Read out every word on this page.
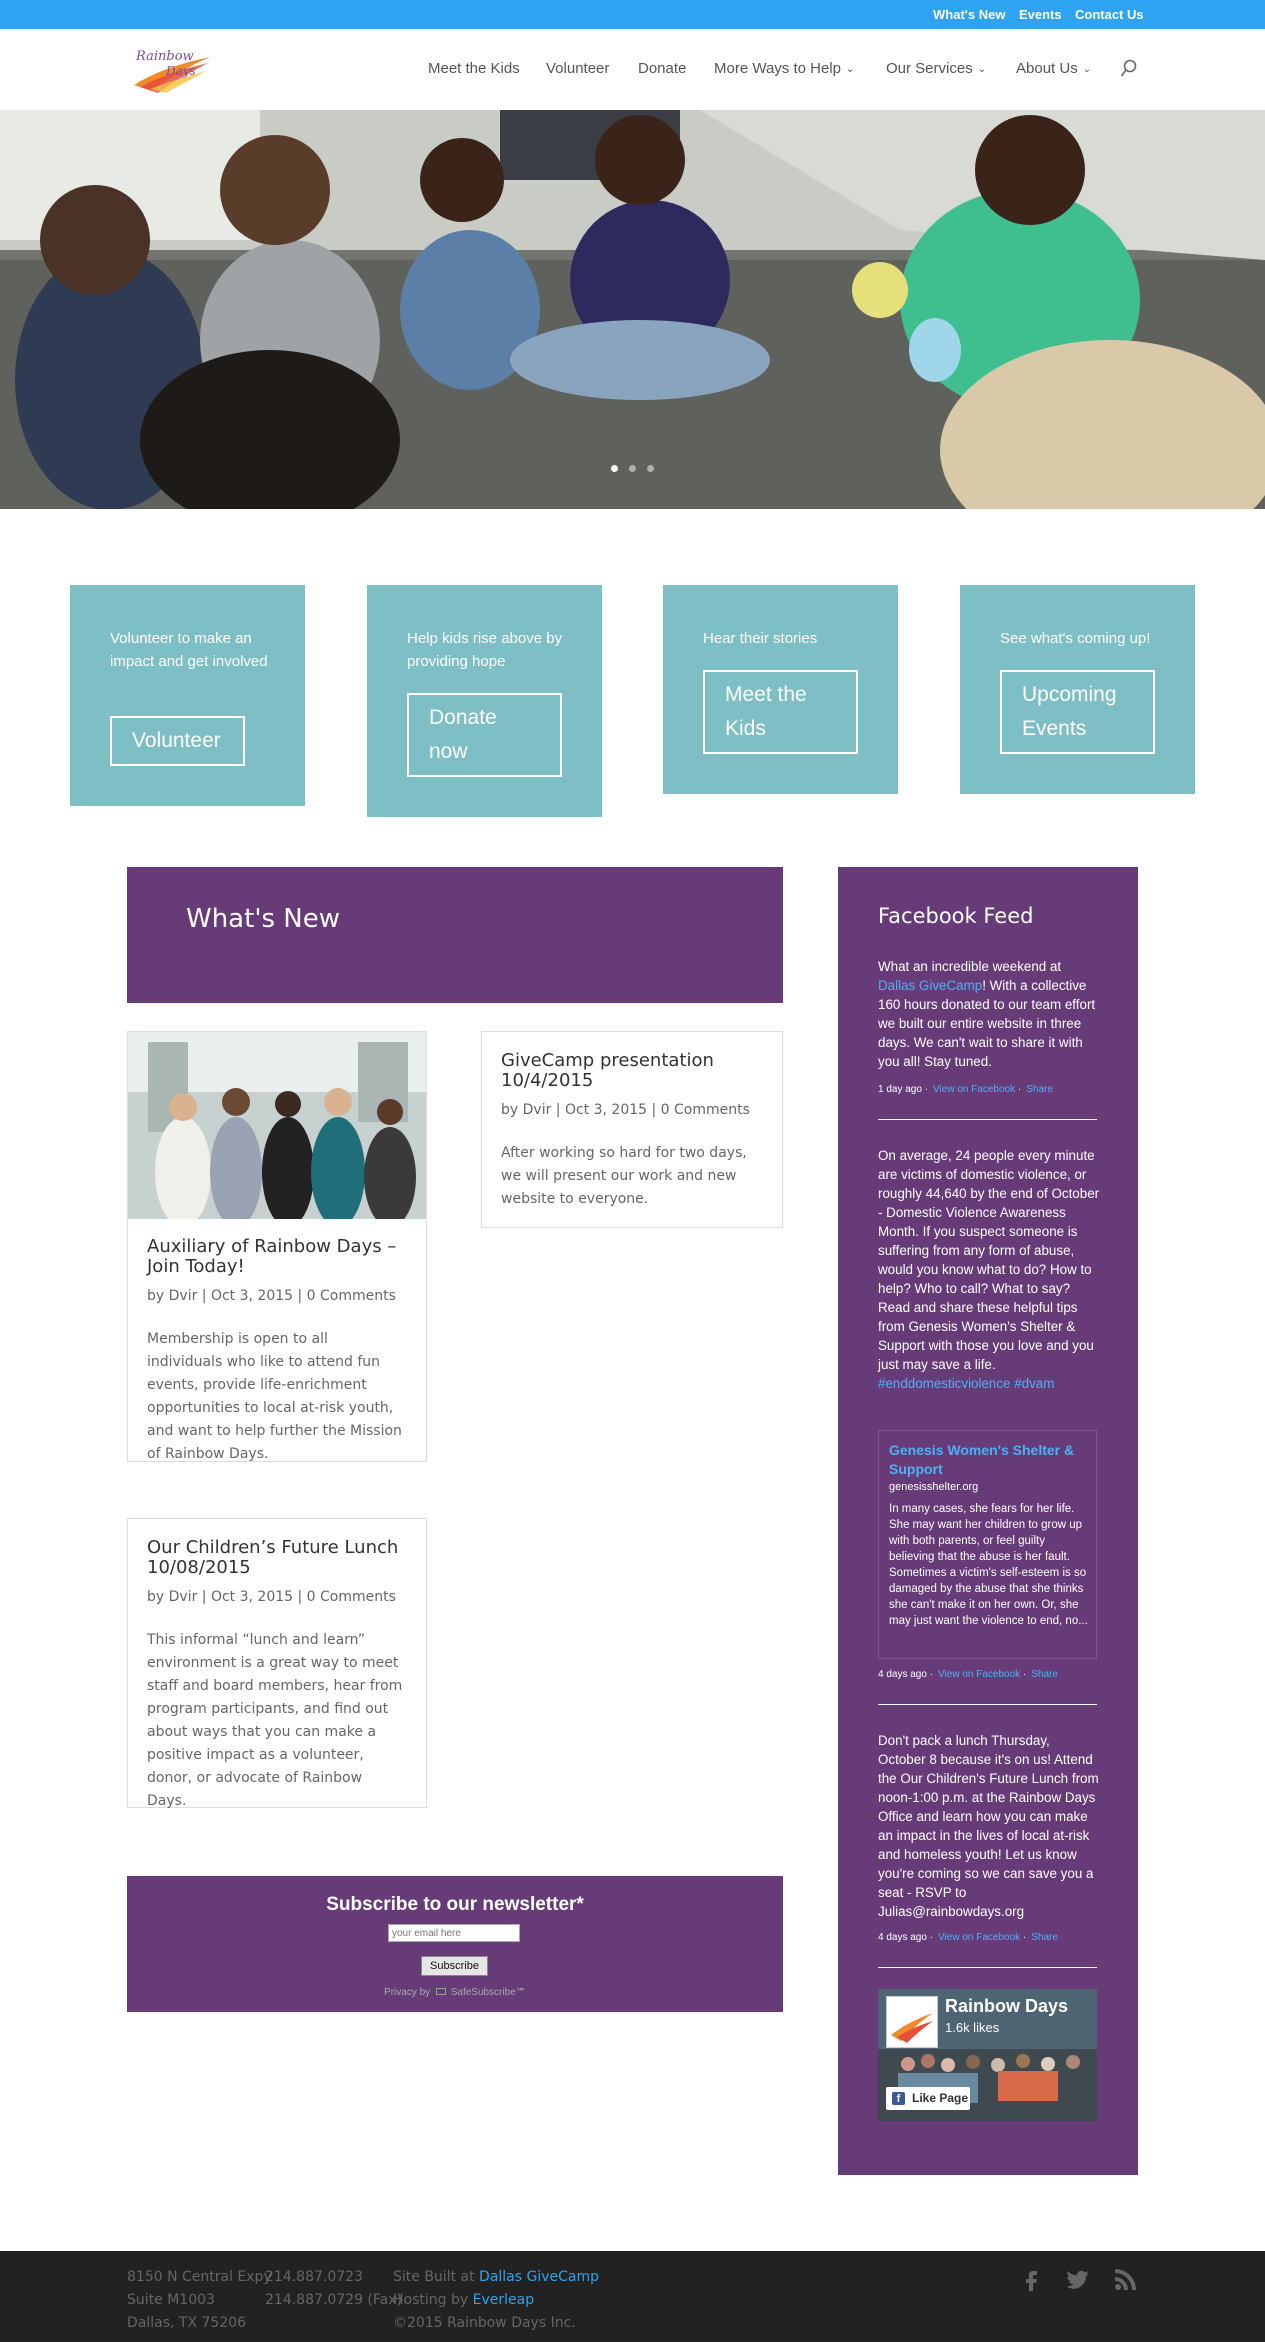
What's New Events Contact Us
Rainbow
Days	Meet the Kids Volunteer Donate More Ways to Help ⌄ Our Services ⌄ About Us ⌄
Volunteer to make an impact and get involved
Volunteer
Help kids rise above by providing hope
Donate now
Hear their stories
Meet the Kids
See what's coming up!
Upcoming Events
What's New
Auxiliary of Rainbow Days – Join Today!
by Dvir | Oct 3, 2015 | 0 Comments
Membership is open to all individuals who like to attend fun events, provide life-enrichment opportunities to local at-risk youth, and want to help further the Mission of Rainbow Days.
GiveCamp presentation 10/4/2015
by Dvir | Oct 3, 2015 | 0 Comments
After working so hard for two days, we will present our work and new website to everyone.
Our Children’s Future Lunch 10/08/2015
by Dvir | Oct 3, 2015 | 0 Comments
This informal “lunch and learn” environment is a great way to meet staff and board members, hear from program participants, and find out about ways that you can make a positive impact as a volunteer, donor, or advocate of Rainbow Days.
Subscribe to our newsletter*
your email here
Subscribe
Privacy by SafeSubscribe℠
Facebook Feed
What an incredible weekend at Dallas GiveCamp! With a collective 160 hours donated to our team effort we built our entire website in three days. We can't wait to share it with you all! Stay tuned.
1 day ago · View on Facebook · Share
On average, 24 people every minute are victims of domestic violence, or roughly 44,640 by the end of October - Domestic Violence Awareness Month. If you suspect someone is suffering from any form of abuse, would you know what to do? How to help? Who to call? What to say? Read and share these helpful tips from Genesis Women's Shelter & Support with those you love and you just may save a life. #enddomesticviolence #dvam
Genesis Women's Shelter & Support
genesisshelter.org
In many cases, she fears for her life. She may want her children to grow up with both parents, or feel guilty believing that the abuse is her fault. Sometimes a victim's self-esteem is so damaged by the abuse that she thinks she can't make it on her own. Or, she may just want the violence to end, no...
4 days ago · View on Facebook · Share
Don't pack a lunch Thursday, October 8 because it's on us! Attend the Our Children's Future Lunch from noon-1:00 p.m. at the Rainbow Days Office and learn how you can make an impact in the lives of local at-risk and homeless youth! Let us know you're coming so we can save you a seat - RSVP to Julias@rainbowdays.org
4 days ago · View on Facebook · Share
Rainbow Days
1.6k likes
f Like Page
8150 N Central Expy
Suite M1003
Dallas, TX 75206
214.887.0723
214.887.0729 (Fax)
Site Built at Dallas GiveCamp
Hosting by Everleap
©2015 Rainbow Days Inc.
